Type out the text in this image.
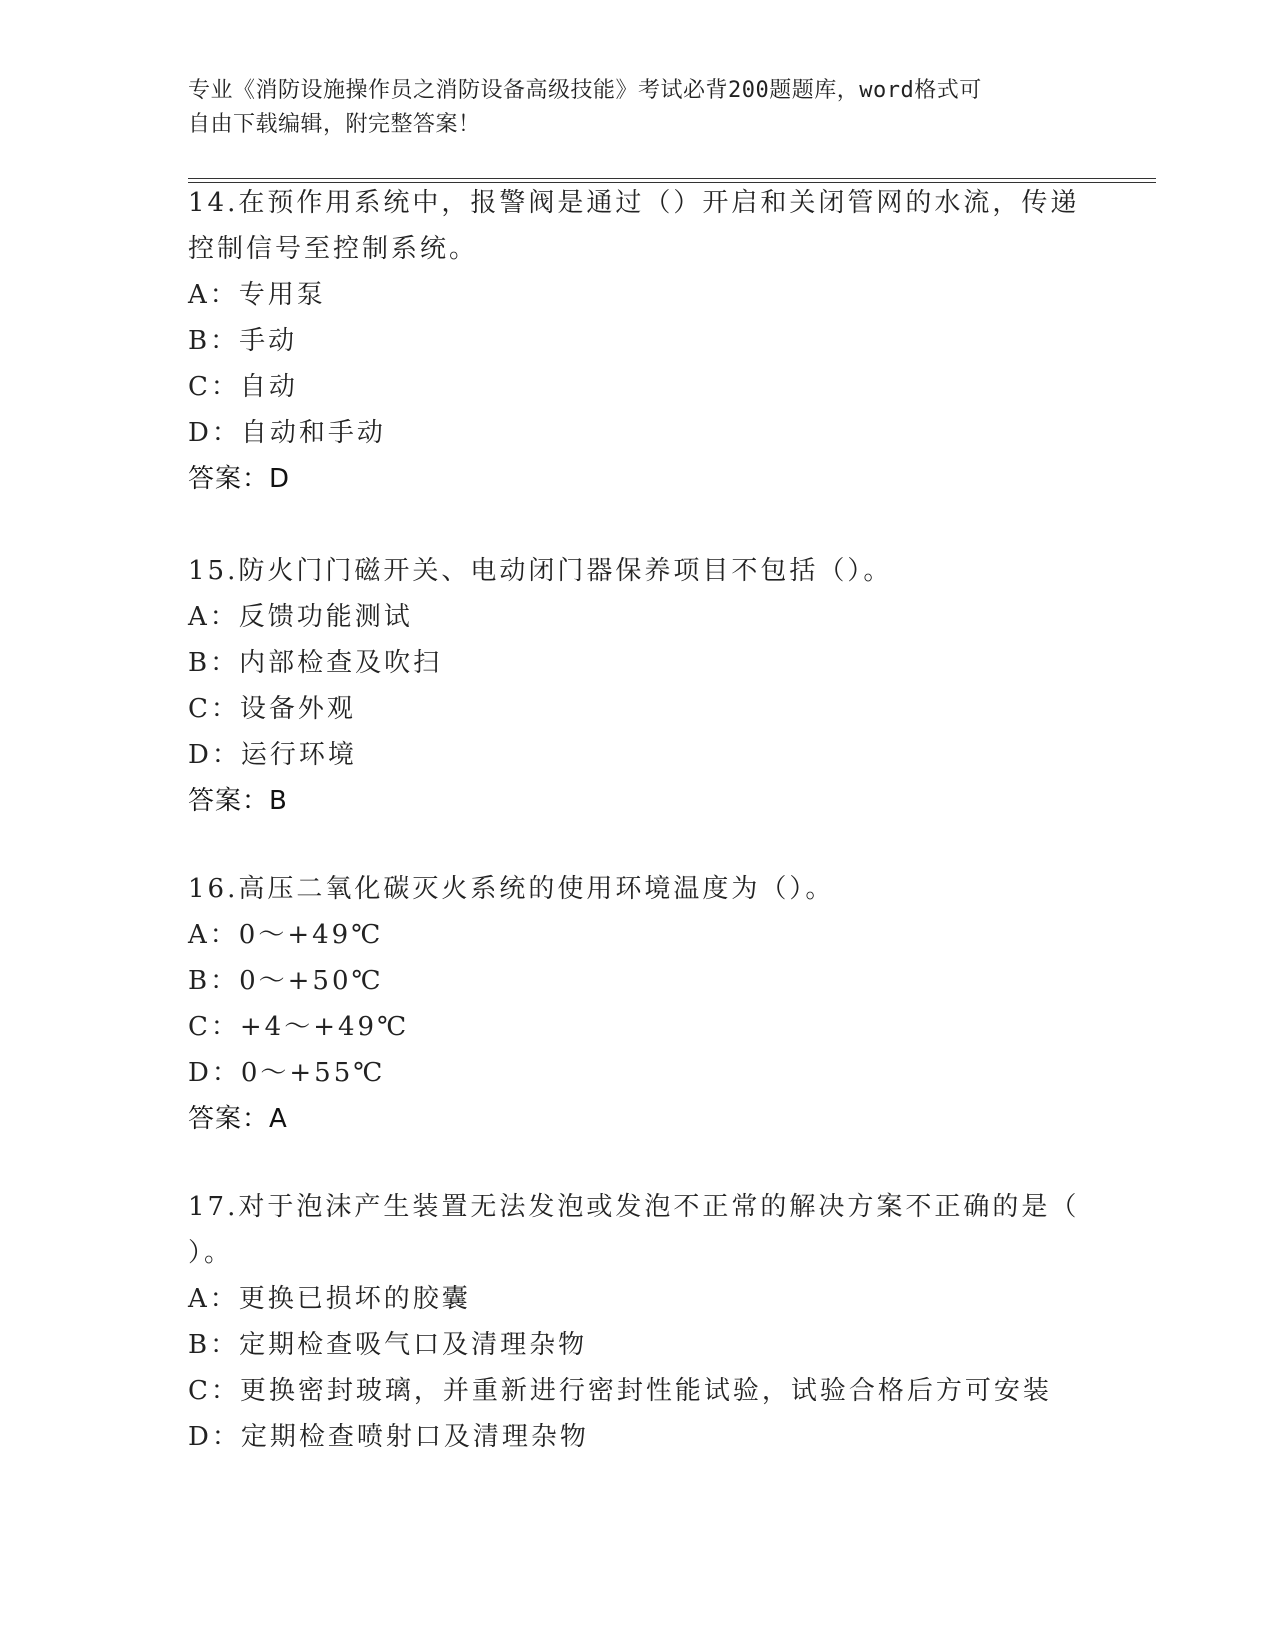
专业《消防设施操作员之消防设备高级技能》考试必背200题题库，word格式可
自由下载编辑，附完整答案！
14.在预作用系统中，报警阀是通过（）开启和关闭管网的水流，传递
控制信号至控制系统。
A：专用泵
B：手动
C：自动
D：自动和手动
答案：D
15.防火门门磁开关、电动闭门器保养项目不包括（）。
A：反馈功能测试
B：内部检查及吹扫
C：设备外观
D：运行环境
答案：B
16.高压二氧化碳灭火系统的使用环境温度为（）。
A：0～+49℃
B：0～+50℃
C：+4～+49℃
D：0～+55℃
答案：A
17.对于泡沫产生装置无法发泡或发泡不正常的解决方案不正确的是（
）。
A：更换已损坏的胶囊
B：定期检查吸气口及清理杂物
C：更换密封玻璃，并重新进行密封性能试验，试验合格后方可安装
D：定期检查喷射口及清理杂物
